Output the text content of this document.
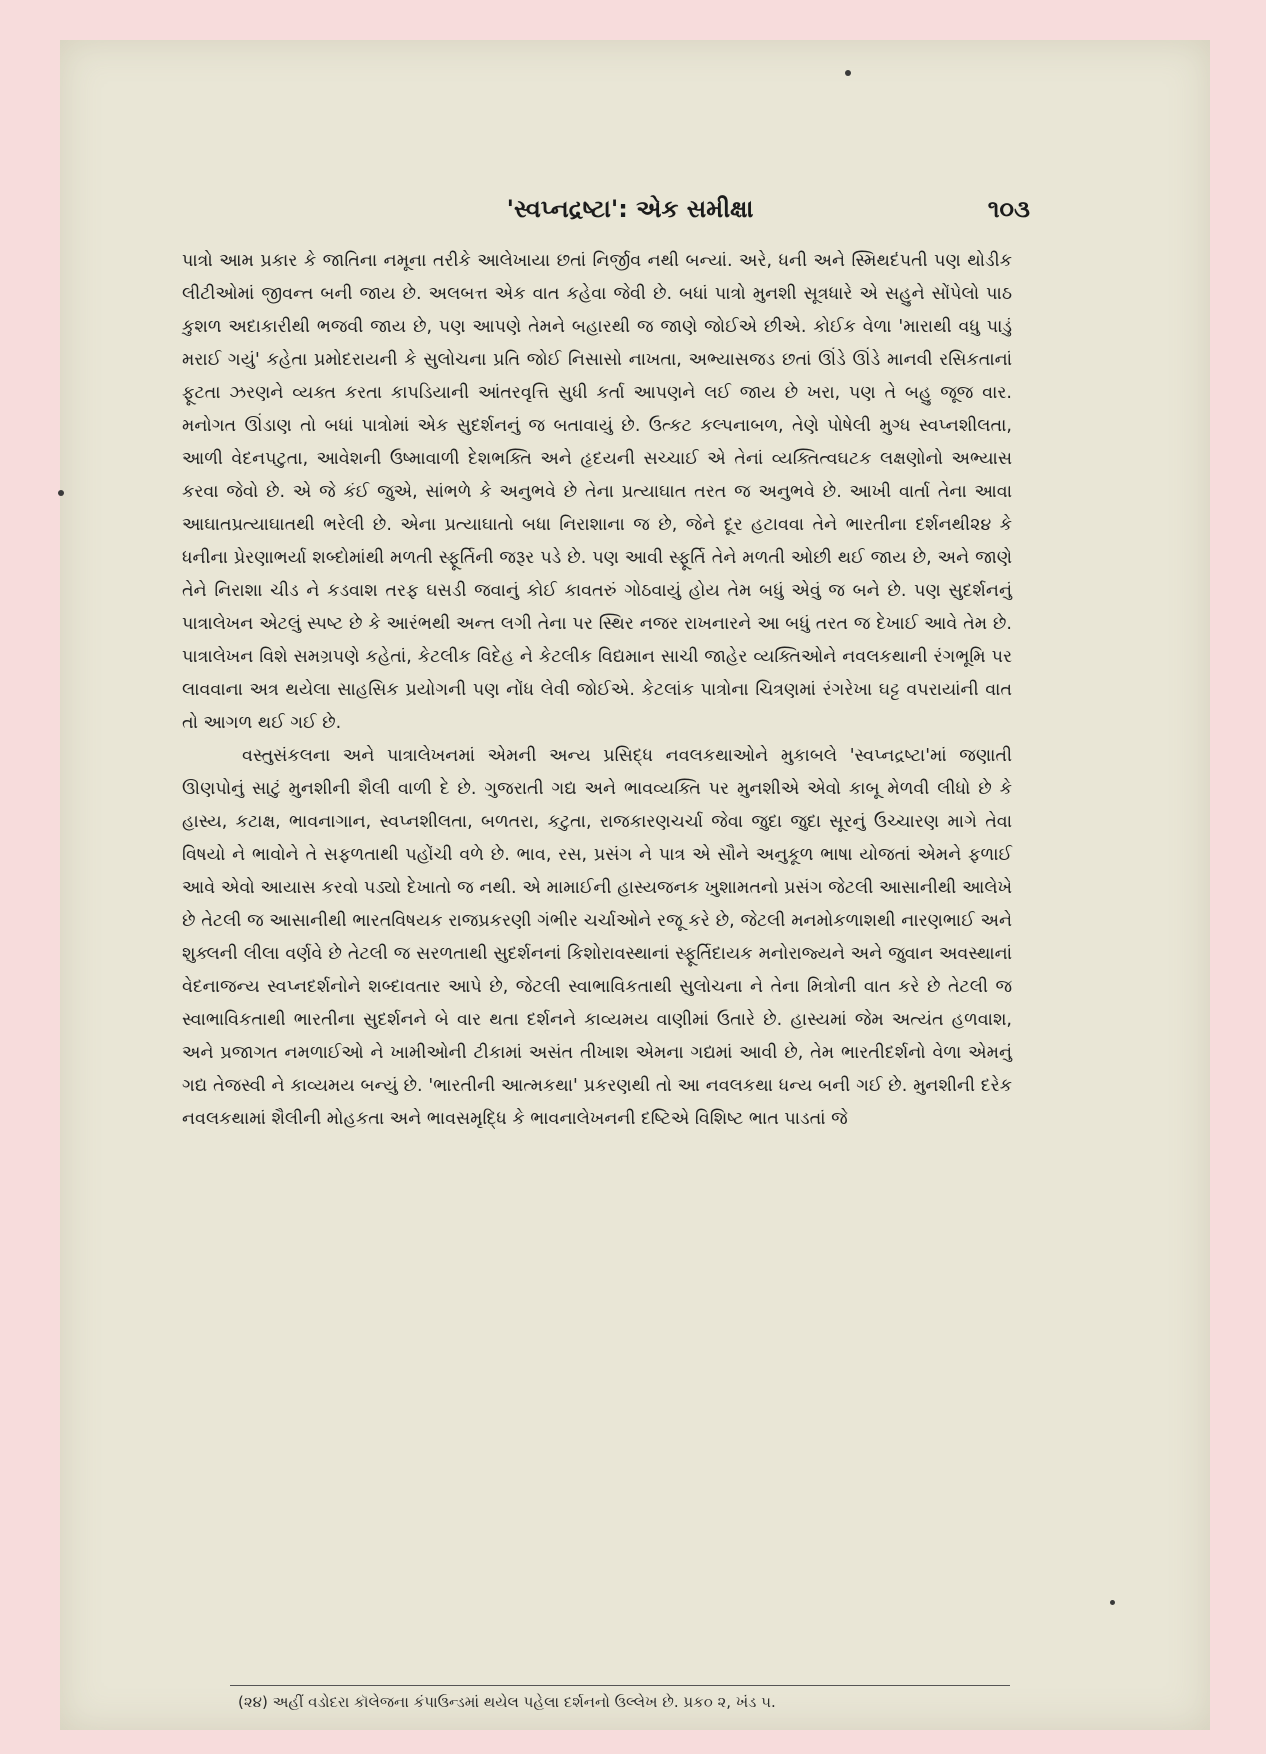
'સ્વપ્નદ્રષ્ટા': એક સમીક્ષા	૧૦૩

પાત્રો આમ પ્રકાર કે જાતિના નમૂના તરીકે આલેખાયા છતાં નિર્જીવ નથી બન્યાં. અરે, ધની અને સ્મિથદંપતી પણ થોડીક લીટીઓમાં જીવન્ત બની જાય છે. અલબત્ત એક વાત કહેવા જેવી છે. બધાં પાત્રો મુનશી સૂત્રધારે એ સહુને સોંપેલો પાઠ કુશળ અદાકારીથી ભજવી જાય છે, પણ આપણે તેમને બહારથી જ જાણે જોઈએ છીએ. કોઈક વેળા 'મારાથી વધુ પાડું મરાઈ ગયું' કહેતા પ્રમોદરાયની કે સુલોચના પ્રતિ જોઈ નિસાસો નાખતા, અભ્યાસજડ છતાં ઊંડે ઊંડે માનવી રસિકતાનાં ફૂટતા ઝરણને વ્યક્ત કરતા કાપડિયાની આંતરવૃત્તિ સુધી કર્તા આપણને લઈ જાય છે ખરા, પણ તે બહુ જૂજ વાર. મનોગત ઊંડાણ તો બધાં પાત્રોમાં એક સુદર્શનનું જ બતાવાયું છે. ઉત્કટ કલ્પનાબળ, તેણે પોષેલી મુગ્ધ સ્વપ્નશીલતા, આળી વેદનપટુતા, આવેશની ઉષ્માવાળી દેશભક્તિ અને હૃદયની સચ્ચાઈ એ તેનાં વ્યક્તિત્વઘટક લક્ષણોનો અભ્યાસ કરવા જેવો છે. એ જે કંઈ જુએ, સાંભળે કે અનુભવે છે તેના પ્રત્યાઘાત તરત જ અનુભવે છે. આખી વાર્તા તેના આવા આઘાતપ્રત્યાઘાતથી ભરેલી છે. એના પ્રત્યાઘાતો બધા નિરાશાના જ છે, જેને દૂર હટાવવા તેને ભારતીના દર્શનથી૨૪ કે ધનીના પ્રેરણાભર્યા શબ્દોમાંથી મળતી સ્ફૂર્તિની જરૂર પડે છે. પણ આવી સ્ફૂર્તિ તેને મળતી ઓછી થઈ જાય છે, અને જાણે તેને નિરાશા ચીડ ને કડવાશ તરફ ઘસડી જવાનું કોઈ કાવતરું ગોઠવાયું હોય તેમ બધું એવું જ બને છે. પણ સુદર્શનનું પાત્રાલેખન એટલું સ્પષ્ટ છે કે આરંભથી અન્ત લગી તેના પર સ્થિર નજર રાખનારને આ બધું તરત જ દેખાઈ આવે તેમ છે. પાત્રાલેખન વિશે સમગ્રપણે કહેતાં, કેટલીક વિદેહ ને કેટલીક વિદ્યમાન સાચી જાહેર વ્યક્તિઓને નવલકથાની રંગભૂમિ પર લાવવાના અત્ર થયેલા સાહસિક પ્રયોગની પણ નોંધ લેવી જોઈએ. કેટલાંક પાત્રોના ચિત્રણમાં રંગરેખા ઘટ્ટ વપરાયાંની વાત તો આગળ થઈ ગઈ છે.

વસ્તુસંકલના અને પાત્રાલેખનમાં એમની અન્ય પ્રસિદ્ધ નવલકથાઓને મુકાબલે 'સ્વપ્નદ્રષ્ટા'માં જણાતી ઊણપોનું સાટું મુનશીની શૈલી વાળી દે છે. ગુજરાતી ગદ્ય અને ભાવવ્યક્તિ પર મુનશીએ એવો કાબૂ મેળવી લીધો છે કે હાસ્ય, કટાક્ષ, ભાવનાગાન, સ્વપ્નશીલતા, બળતરા, કટુતા, રાજકારણચર્ચા જેવા જુદા જુદા સૂરનું ઉચ્ચારણ માગે તેવા વિષયો ને ભાવોને તે સફળતાથી પહોંચી વળે છે. ભાવ, રસ, પ્રસંગ ને પાત્ર એ સૌને અનુકૂળ ભાષા યોજતાં એમને ફળાઈ આવે એવો આયાસ કરવો પડ્યો દેખાતો જ નથી. એ મામાઈની હાસ્યજનક ખુશામતનો પ્રસંગ જેટલી આસાનીથી આલેખે છે તેટલી જ આસાનીથી ભારતવિષયક રાજપ્રકરણી ગંભીર ચર્ચાઓને રજૂ કરે છે, જેટલી મનમોકળાશથી નારણભાઈ અને શુક્લની લીલા વર્ણવે છે તેટલી જ સરળતાથી સુદર્શનનાં કિશોરાવસ્થાનાં સ્ફૂર્તિદાયક મનોરાજ્યને અને જુવાન અવસ્થાનાં વેદનાજન્ય સ્વપ્નદર્શનોને શબ્દાવતાર આપે છે, જેટલી સ્વાભાવિકતાથી સુલોચના ને તેના મિત્રોની વાત કરે છે તેટલી જ સ્વાભાવિકતાથી ભારતીના સુદર્શનને બે વાર થતા દર્શનને કાવ્યમય વાણીમાં ઉતારે છે. હાસ્યમાં જેમ અત્યંત હળવાશ, અને પ્રજાગત નમળાઈઓ ને ખામીઓની ટીકામાં અસંત તીખાશ એમના ગદ્યમાં આવી છે, તેમ ભારતીદર્શનો વેળા એમનું ગદ્ય તેજસ્વી ને કાવ્યમય બન્યું છે. 'ભારતીની આત્મકથા' પ્રકરણથી તો આ નવલકથા ધન્ય બની ગઈ છે. મુનશીની દરેક નવલકથામાં શૈલીની મોહકતા અને ભાવસમૃદ્ધિ કે ભાવનાલેખનની દષ્ટિએ વિશિષ્ટ ભાત પાડતાં જે

(૨૪) અહીં વડોદરા કૉલેજના કંપાઉન્ડમાં થયેલ પહેલા દર્શનનો ઉલ્લેખ છે. પ્રક૦ ૨, ખંડ ૫.
